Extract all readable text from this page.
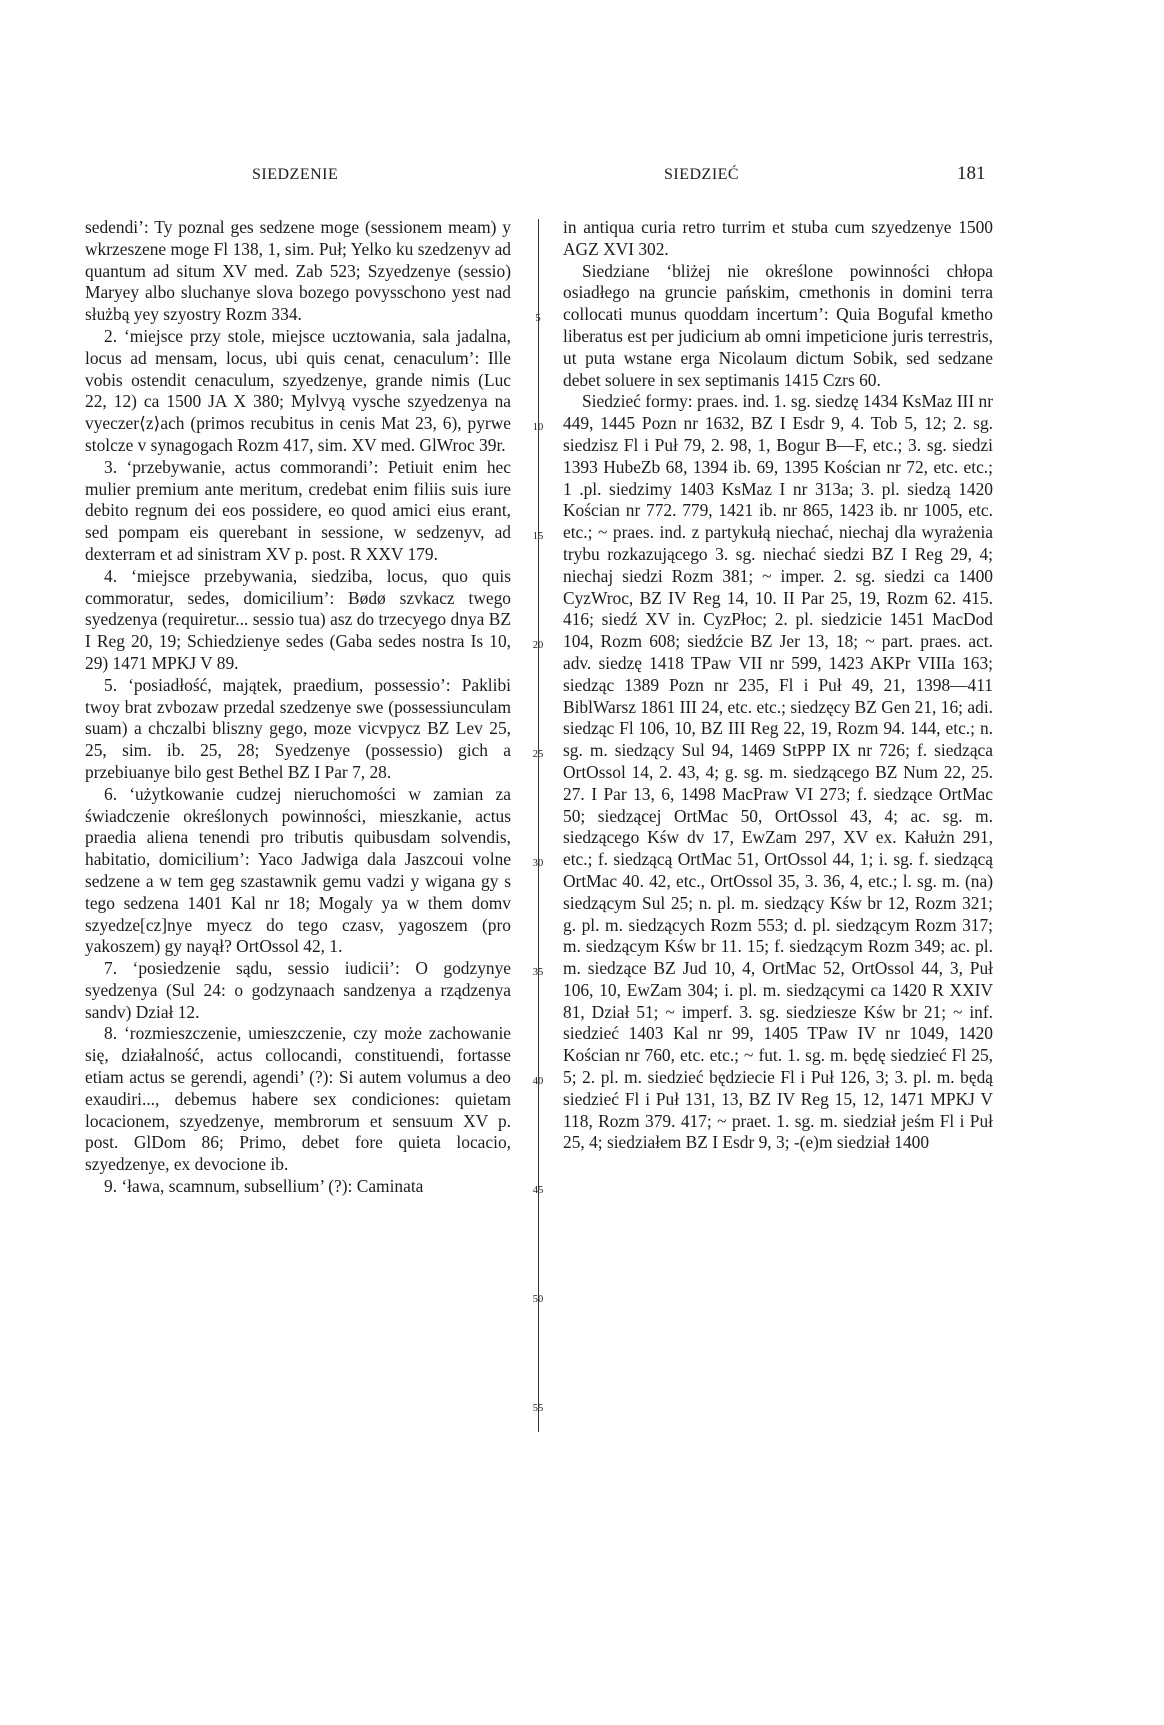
SIEDZENIE	SIEDZIEĆ	181

sedendi’: Ty poznal ges sedzene moge (sessionem meam) y wkrzeszene moge Fl 138, 1, sim. Puł; Yelko ku szedzenyv ad quantum ad situm XV med. Zab 523; Szyedzenye (sessio) Maryey albo sluchanye slova bozego povysschono yest nad służbą yey szyostry Rozm 334.

2. ‘miejsce przy stole, miejsce ucztowania, sala jadalna, locus ad mensam, locus, ubi quis cenat, cenaculum’: Ille vobis ostendit cenaculum, szyedzenye, grande nimis (Luc 22, 12) ca 1500 JA X 380; Mylvyą vysche szyedzenya na vyeczer⟨z⟩ach (primos recubitus in cenis Mat 23, 6), pyrwe stolcze v synagogach Rozm 417, sim. XV med. GlWroc 39r.

3. ‘przebywanie, actus commorandi’: Petiuit enim hec mulier premium ante meritum, credebat enim filiis suis iure debito regnum dei eos possidere, eo quod amici eius erant, sed pompam eis querebant in sessione, w sedzenyv, ad dexterram et ad sinistram XV p. post. R XXV 179.

4. ‘miejsce przebywania, siedziba, locus, quo quis commoratur, sedes, domicilium’: Bødø szvkacz twego syedzenya (requiretur... sessio tua) asz do trzecyego dnya BZ I Reg 20, 19; Schiedzienye sedes (Gaba sedes nostra Is 10, 29) 1471 MPKJ V 89.

5. ‘posiadłość, majątek, praedium, possessio’: Paklibi twoy brat zvbozaw przedal szedzenye swe (possessiunculam suam) a chczalbi bliszny gego, moze vicvpycz BZ Lev 25, 25, sim. ib. 25, 28; Syedzenye (possessio) gich a przebiuanye bilo gest Bethel BZ I Par 7, 28.

6. ‘użytkowanie cudzej nieruchomości w zamian za świadczenie określonych powinności, mieszkanie, actus praedia aliena tenendi pro tributis quibusdam solvendis, habitatio, domicilium’: Yaco Jadwiga dala Jaszcoui volne sedzene a w tem geg szastawnik gemu vadzi y wigana gy s tego sedzena 1401 Kal nr 18; Mogaly ya w them domv szyedze[cz]nye myecz do tego czasv, yagoszem (pro yakoszem) gy nayął? OrtOssol 42, 1.

7. ‘posiedzenie sądu, sessio iudicii’: O godzynye syedzenya (Sul 24: o godzynaach sandzenya a rządzenya sandv) Dział 12.

8. ‘rozmieszczenie, umieszczenie, czy może zachowanie się, działalność, actus collocandi, constituendi, fortasse etiam actus se gerendi, agendi’ (?): Si autem volumus a deo exaudiri..., debemus habere sex condiciones: quietam locacionem, szyedzenye, membrorum et sensuum XV p. post. GlDom 86; Primo, debet fore quieta locacio, szyedzenye, ex devocione ib.

9. ‘ława, scamnum, subsellium’ (?): Caminata

5
10
15
20
25
30
35
40
45
50
55

in antiqua curia retro turrim et stuba cum szyedzenye 1500 AGZ XVI 302.

Siedziane ‘bliżej nie określone powinności chłopa osiadłego na gruncie pańskim, cmethonis in domini terra collocati munus quoddam incertum’: Quia Bogufal kmetho liberatus est per judicium ab omni impeticione juris terrestris, ut puta wstane erga Nicolaum dictum Sobik, sed sedzane debet soluere in sex septimanis 1415 Czrs 60.

Siedzieć formy: praes. ind. 1. sg. siedzę 1434 KsMaz III nr 449, 1445 Pozn nr 1632, BZ I Esdr 9, 4. Tob 5, 12; 2. sg. siedzisz Fl i Puł 79, 2. 98, 1, Bogur B—F, etc.; 3. sg. siedzi 1393 HubeZb 68, 1394 ib. 69, 1395 Kościan nr 72, etc. etc.; 1 .pl. siedzimy 1403 KsMaz I nr 313a; 3. pl. siedzą 1420 Kościan nr 772. 779, 1421 ib. nr 865, 1423 ib. nr 1005, etc. etc.; ~ praes. ind. z partykułą niechać, niechaj dla wyrażenia trybu rozkazującego 3. sg. niechać siedzi BZ I Reg 29, 4; niechaj siedzi Rozm 381; ~ imper. 2. sg. siedzi ca 1400 CyzWroc, BZ IV Reg 14, 10. II Par 25, 19, Rozm 62. 415. 416; siedź XV in. CyzPłoc; 2. pl. siedzicie 1451 MacDod 104, Rozm 608; siedźcie BZ Jer 13, 18; ~ part. praes. act. adv. siedzę 1418 TPaw VII nr 599, 1423 AKPr VIIIa 163; siedząc 1389 Pozn nr 235, Fl i Puł 49, 21, 1398—411 BiblWarsz 1861 III 24, etc. etc.; siedzęcy BZ Gen 21, 16; adi. siedząc Fl 106, 10, BZ III Reg 22, 19, Rozm 94. 144, etc.; n. sg. m. siedzący Sul 94, 1469 StPPP IX nr 726; f. siedząca OrtOssol 14, 2. 43, 4; g. sg. m. siedzącego BZ Num 22, 25. 27. I Par 13, 6, 1498 MacPraw VI 273; f. siedzące OrtMac 50; siedzącej OrtMac 50, OrtOssol 43, 4; ac. sg. m. siedzącego Kśw dv 17, EwZam 297, XV ex. Kałużn 291, etc.; f. siedzącą OrtMac 51, OrtOssol 44, 1; i. sg. f. siedzącą OrtMac 40. 42, etc., OrtOssol 35, 3. 36, 4, etc.; l. sg. m. (na) siedzącym Sul 25; n. pl. m. siedzący Kśw br 12, Rozm 321; g. pl. m. siedzących Rozm 553; d. pl. siedzącym Rozm 317; m. siedzącym Kśw br 11. 15; f. siedzącym Rozm 349; ac. pl. m. siedzące BZ Jud 10, 4, OrtMac 52, OrtOssol 44, 3, Puł 106, 10, EwZam 304; i. pl. m. siedzącymi ca 1420 R XXIV 81, Dział 51; ~ imperf. 3. sg. siedziesze Kśw br 21; ~ inf. siedzieć 1403 Kal nr 99, 1405 TPaw IV nr 1049, 1420 Kościan nr 760, etc. etc.; ~ fut. 1. sg. m. będę siedzieć Fl 25, 5; 2. pl. m. siedzieć będziecie Fl i Puł 126, 3; 3. pl. m. będą siedzieć Fl i Puł 131, 13, BZ IV Reg 15, 12, 1471 MPKJ V 118, Rozm 379. 417; ~ praet. 1. sg. m. siedział jeśm Fl i Puł 25, 4; siedziałem BZ I Esdr 9, 3; -(e)m siedział 1400
